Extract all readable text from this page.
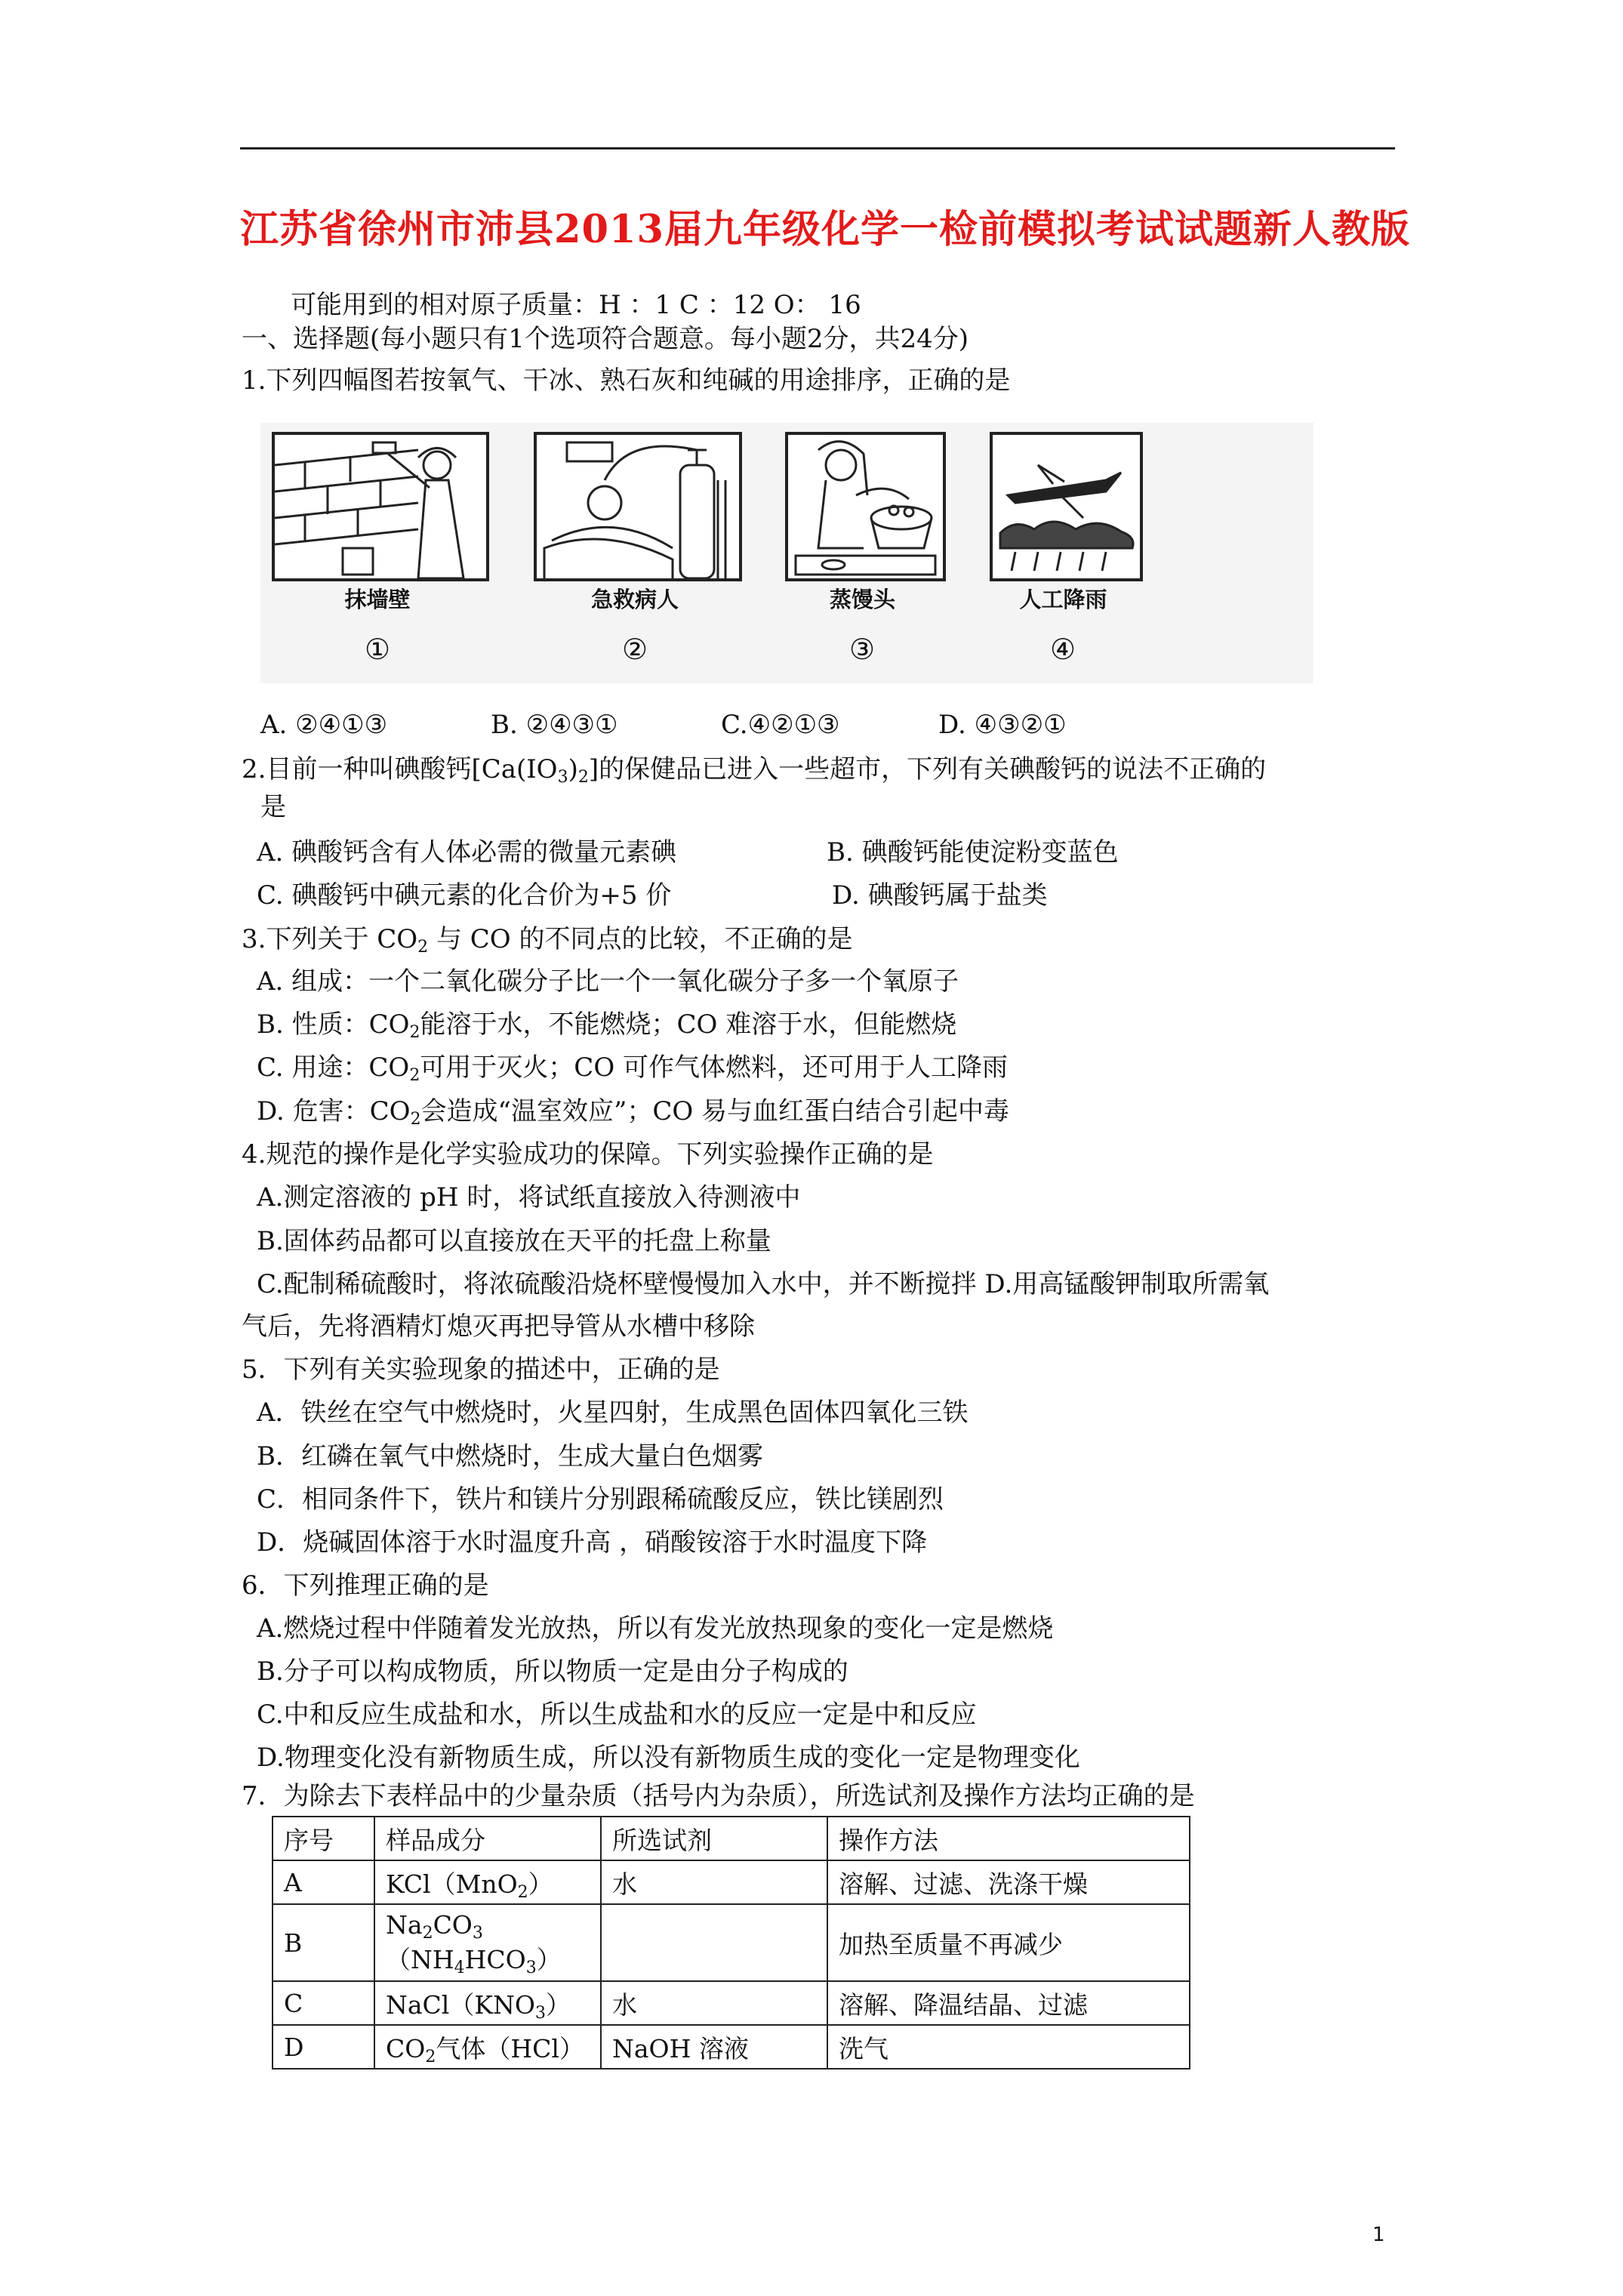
江苏省徐州市沛县2013届九年级化学一检前模拟考试试题新人教版
可能用到的相对原子质量：H ：1 C ：12 O： 16
一、选择题(每小题只有1个选项符合题意。每小题2分，共24分)
1.下列四幅图若按氧气、干冰、熟石灰和纯碱的用途排序，正确的是
抹墙壁	急救病人	蒸馒头	人工降雨
①	②	③	④
A. ②④①③	B. ②④③①	C.④②①③	D. ④③②①
2.目前一种叫碘酸钙$[Ca(IO_3)_2]$的保健品已进入一些超市，下列有关碘酸钙的说法不正确的
是
A. 碘酸钙含有人体必需的微量元素碘	B. 碘酸钙能使淀粉变蓝色
C. 碘酸钙中碘元素的化合价为+5 价	D. 碘酸钙属于盐类
3.下列关于 $CO_2$ 与 CO 的不同点的比较，不正确的是
A. 组成：一个二氧化碳分子比一个一氧化碳分子多一个氧原子
B. 性质：$CO_2$能溶于水，不能燃烧；CO 难溶于水，但能燃烧
C. 用途：$CO_2$可用于灭火；CO 可作气体燃料，还可用于人工降雨
D. 危害：$CO_2$会造成“温室效应”；CO 易与血红蛋白结合引起中毒
4.规范的操作是化学实验成功的保障。下列实验操作正确的是
A.测定溶液的 pH 时，将试纸直接放入待测液中
B.固体药品都可以直接放在天平的托盘上称量
C.配制稀硫酸时，将浓硫酸沿烧杯壁慢慢加入水中，并不断搅拌 D.用高锰酸钾制取所需氧
气后，先将酒精灯熄灭再把导管从水槽中移除
5．下列有关实验现象的描述中，正确的是
A．铁丝在空气中燃烧时，火星四射，生成黑色固体四氧化三铁
B．红磷在氧气中燃烧时，生成大量白色烟雾
C．相同条件下，铁片和镁片分别跟稀硫酸反应，铁比镁剧烈
D．烧碱固体溶于水时温度升高 ，硝酸铵溶于水时温度下降
6．下列推理正确的是
A.燃烧过程中伴随着发光放热，所以有发光放热现象的变化一定是燃烧
B.分子可以构成物质，所以物质一定是由分子构成的
C.中和反应生成盐和水，所以生成盐和水的反应一定是中和反应
D.物理变化没有新物质生成，所以没有新物质生成的变化一定是物理变化
7．为除去下表样品中的少量杂质（括号内为杂质），所选试剂及操作方法均正确的是
序号	样品成分	所选试剂	操作方法
A	KCl（MnO$_2$）	水	溶解、过滤、洗涤干燥
B	$Na_2CO_3$
$(NH_4HCO_3)$		加热至质量不再减少
C	$NaCl(KNO_3)$	水	溶解、降温结晶、过滤
D	$CO_2$气体（HCl）	NaOH 溶液	洗气
1
